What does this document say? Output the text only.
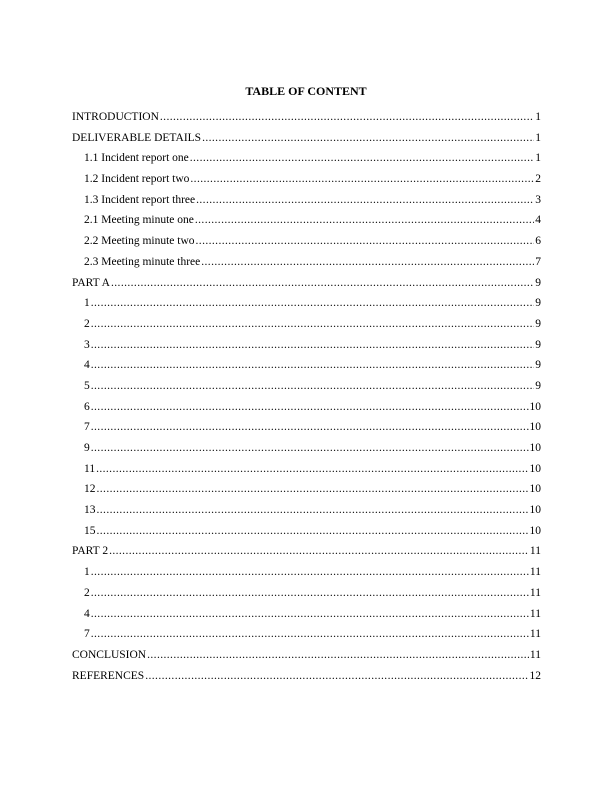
TABLE OF CONTENT
INTRODUCTION .....	1
DELIVERABLE DETAILS .....	1
1.1 Incident report one .....	1
1.2 Incident report two .....	2
1.3 Incident report three .....	3
2.1 Meeting minute one .....	4
2.2 Meeting minute two .....	6
2.3 Meeting minute three .....	7
PART A .....	9
1 .....	9
2 .....	9
3 .....	9
4 .....	9
5 .....	9
6 .....	10
7 .....	10
9 .....	10
11 .....	10
12 .....	10
13 .....	10
15 .....	10
PART 2 .....	11
1 .....	11
2 .....	11
4 .....	11
7 .....	11
CONCLUSION .....	11
REFERENCES .....	12
